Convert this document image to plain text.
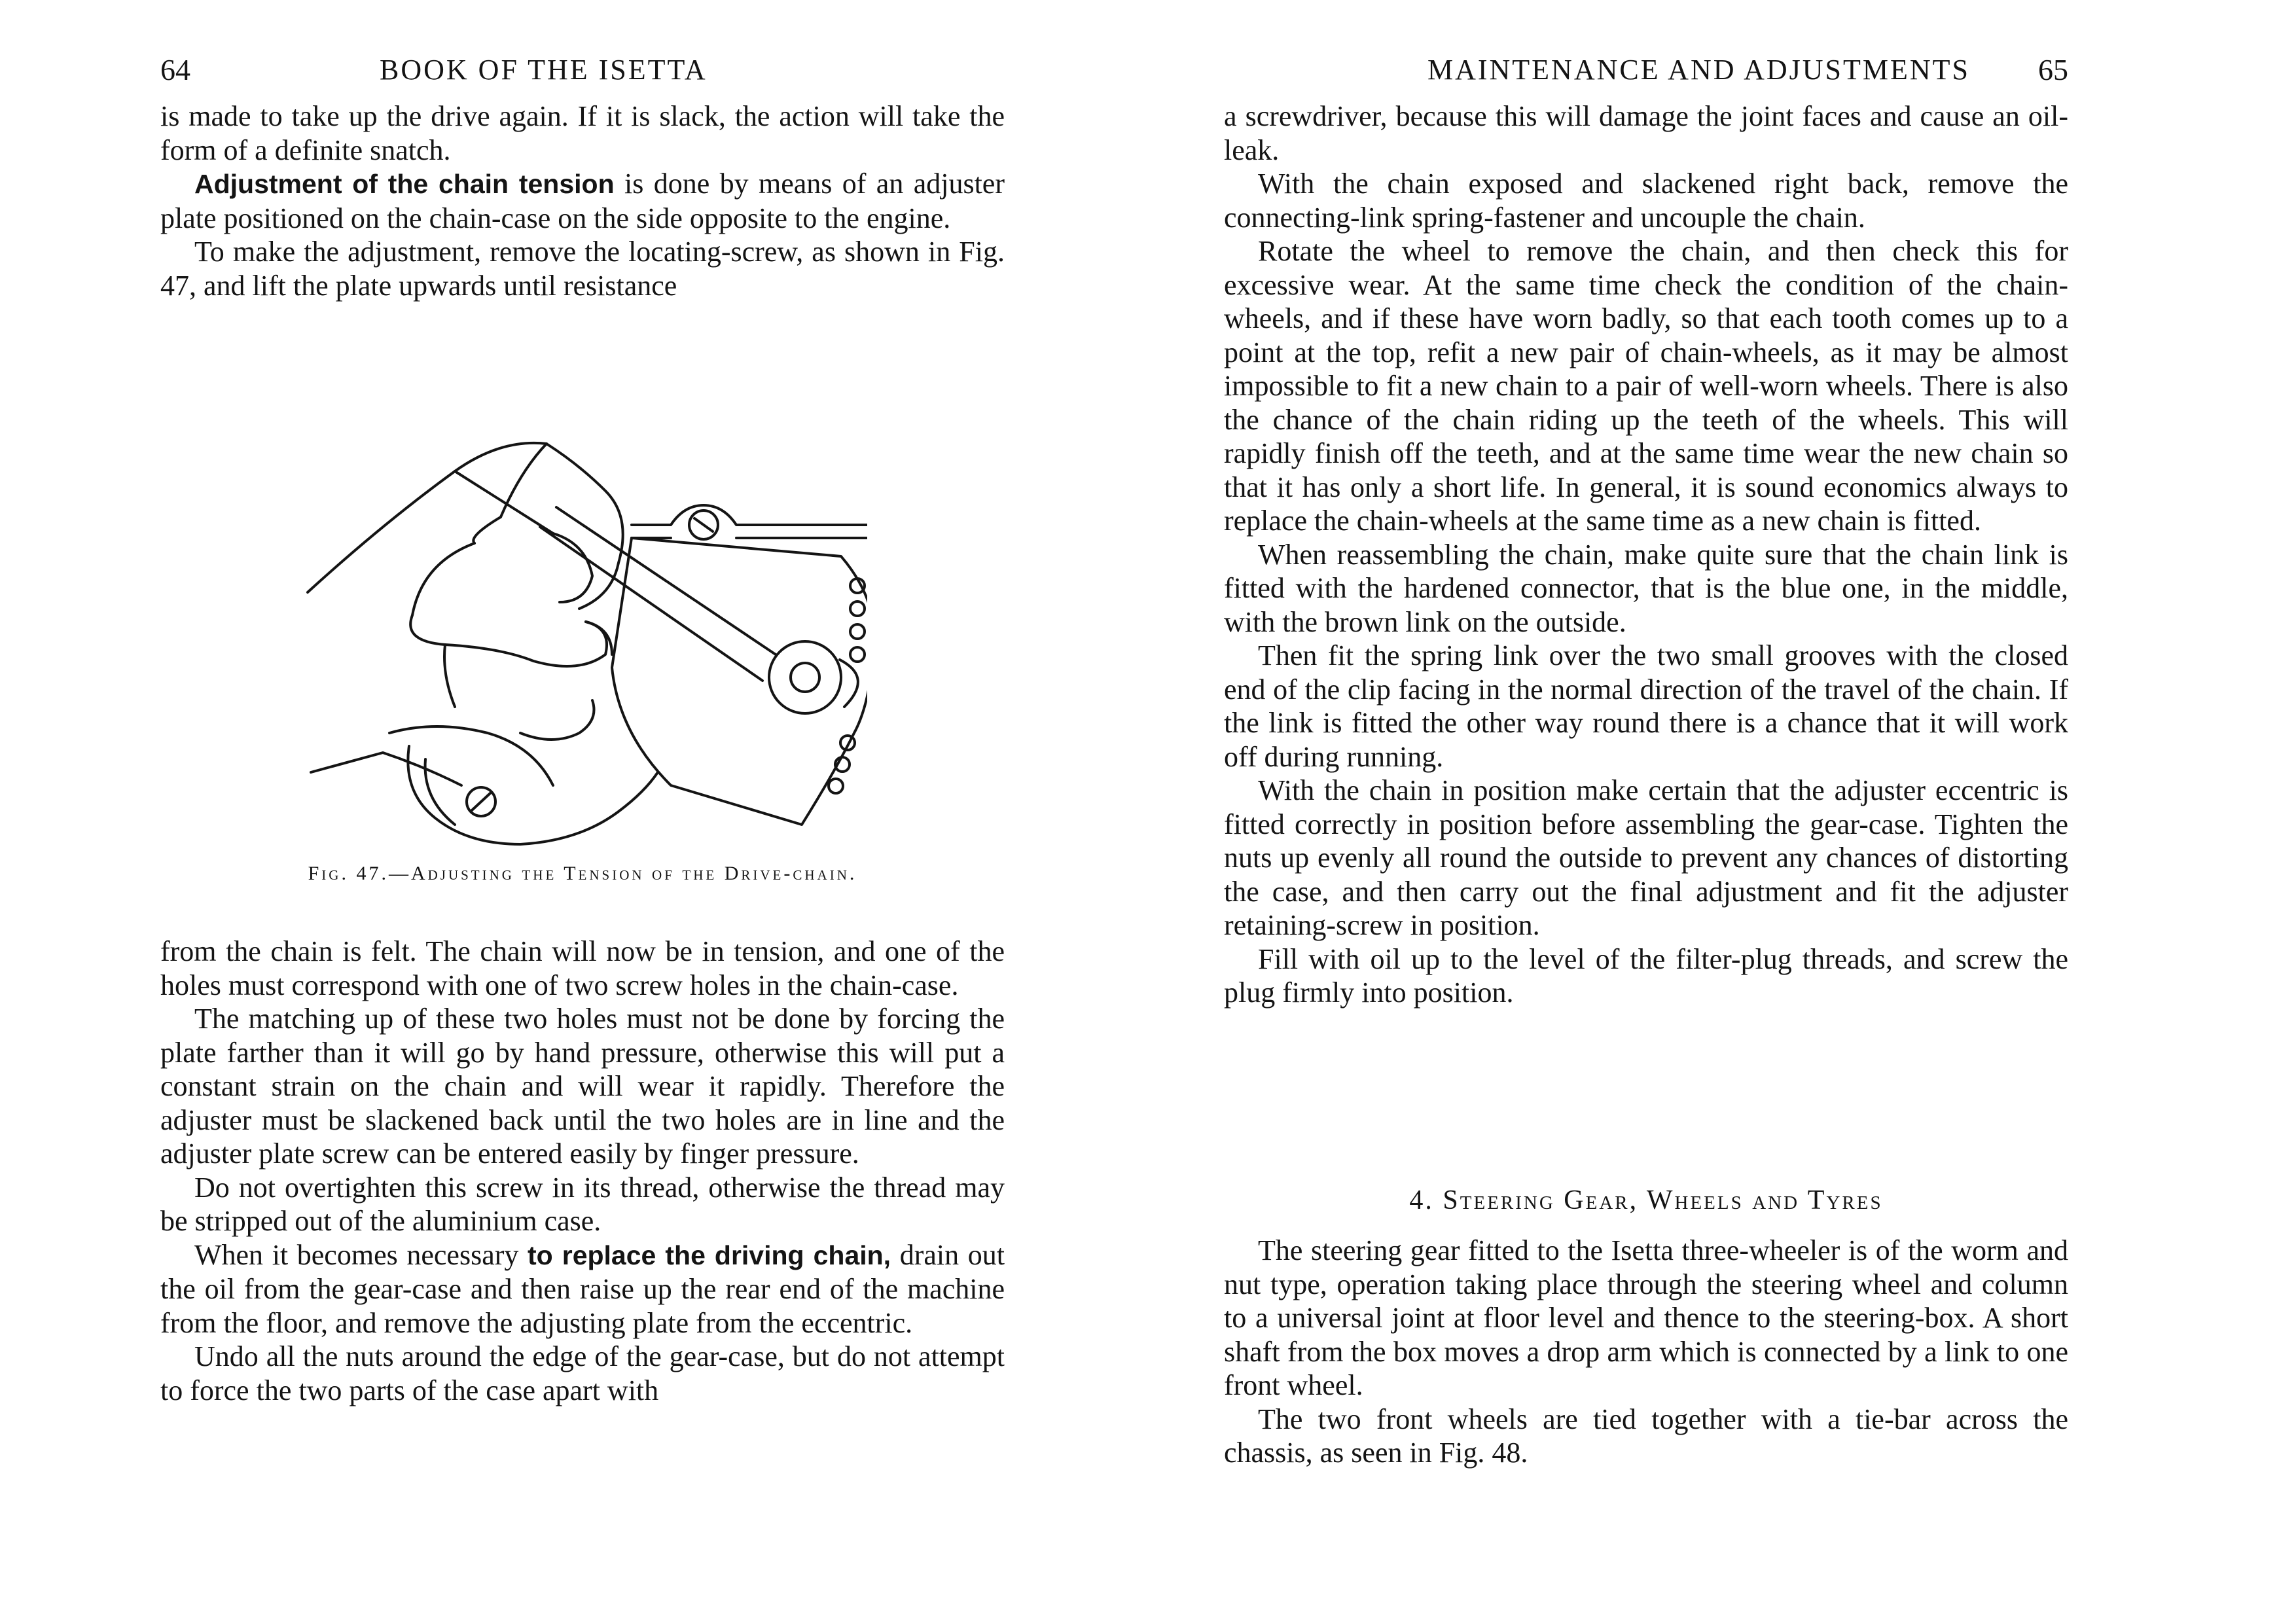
64	BOOK OF THE ISETTA

is made to take up the drive again. If it is slack, the action will take the form of a definite snatch.

Adjustment of the chain tension is done by means of an adjuster plate positioned on the chain-case on the side opposite to the engine.

To make the adjustment, remove the locating-screw, as shown in Fig. 47, and lift the plate upwards until resistance

Fig. 47.—Adjusting the Tension of the Drive-chain.

from the chain is felt. The chain will now be in tension, and one of the holes must correspond with one of two screw holes in the chain-case.

The matching up of these two holes must not be done by forcing the plate farther than it will go by hand pressure, otherwise this will put a constant strain on the chain and will wear it rapidly. Therefore the adjuster must be slackened back until the two holes are in line and the adjuster plate screw can be entered easily by finger pressure.

Do not overtighten this screw in its thread, otherwise the thread may be stripped out of the aluminium case.

When it becomes necessary to replace the driving chain, drain out the oil from the gear-case and then raise up the rear end of the machine from the floor, and remove the adjusting plate from the eccentric.

Undo all the nuts around the edge of the gear-case, but do not attempt to force the two parts of the case apart with

MAINTENANCE AND ADJUSTMENTS 65

a screwdriver, because this will damage the joint faces and cause an oil-leak.

With the chain exposed and slackened right back, remove the connecting-link spring-fastener and uncouple the chain.

Rotate the wheel to remove the chain, and then check this for excessive wear. At the same time check the condition of the chain-wheels, and if these have worn badly, so that each tooth comes up to a point at the top, refit a new pair of chain-wheels, as it may be almost impossible to fit a new chain to a pair of well-worn wheels. There is also the chance of the chain riding up the teeth of the wheels. This will rapidly finish off the teeth, and at the same time wear the new chain so that it has only a short life. In general, it is sound economics always to replace the chain-wheels at the same time as a new chain is fitted.

When reassembling the chain, make quite sure that the chain link is fitted with the hardened connector, that is the blue one, in the middle, with the brown link on the outside.

Then fit the spring link over the two small grooves with the closed end of the clip facing in the normal direction of the travel of the chain. If the link is fitted the other way round there is a chance that it will work off during running.

With the chain in position make certain that the adjuster eccentric is fitted correctly in position before assembling the gear-case. Tighten the nuts up evenly all round the outside to prevent any chances of distorting the case, and then carry out the final adjustment and fit the adjuster retaining-screw in position.

Fill with oil up to the level of the filter-plug threads, and screw the plug firmly into position.

4. Steering Gear, Wheels and Tyres

The steering gear fitted to the Isetta three-wheeler is of the worm and nut type, operation taking place through the steering wheel and column to a universal joint at floor level and thence to the steering-box. A short shaft from the box moves a drop arm which is connected by a link to one front wheel.

The two front wheels are tied together with a tie-bar across the chassis, as seen in Fig. 48.
